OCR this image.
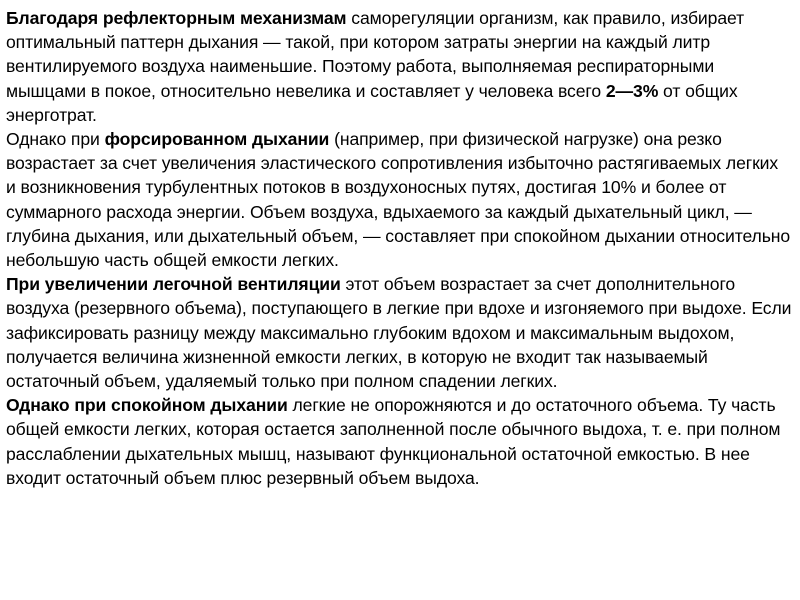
Благодаря рефлекторным механизмам саморегуляции организм, как правило, избирает оптимальный паттерн дыхания — такой, при котором затраты энергии на каждый литр вентилируемого воздуха наименьшие. Поэтому работа, выполняемая респираторными мышцами в покое, относительно невелика и составляет у человека всего 2—3% от общих энерготрат.

Однако при форсированном дыхании (например, при физической нагрузке) она резко возрастает за счет увеличения эластического сопротивления избыточно растягиваемых легких и возникновения турбулентных потоков в воздухоносных путях, достигая 10% и более от суммарного расхода энергии. Объем воздуха, вдыхаемого за каждый дыхательный цикл, — глубина дыхания, или дыхательный объем, — составляет при спокойном дыхании относительно небольшую часть общей емкости легких.

При увеличении легочной вентиляции этот объем возрастает за счет дополнительного воздуха (резервного объема), поступающего в легкие при вдохе и изгоняемого при выдохе. Если зафиксировать разницу между максимально глубоким вдохом и максимальным выдохом, получается величина жизненной емкости легких, в которую не входит так называемый остаточный объем, удаляемый только при полном спадении легких.

Однако при спокойном дыхании легкие не опорожняются и до остаточного объема. Ту часть общей емкости легких, которая остается заполненной после обычного выдоха, т. е. при полном расслаблении дыхательных мышц, называют функциональной остаточной емкостью. В нее входит остаточный объем плюс резервный объем выдоха.
